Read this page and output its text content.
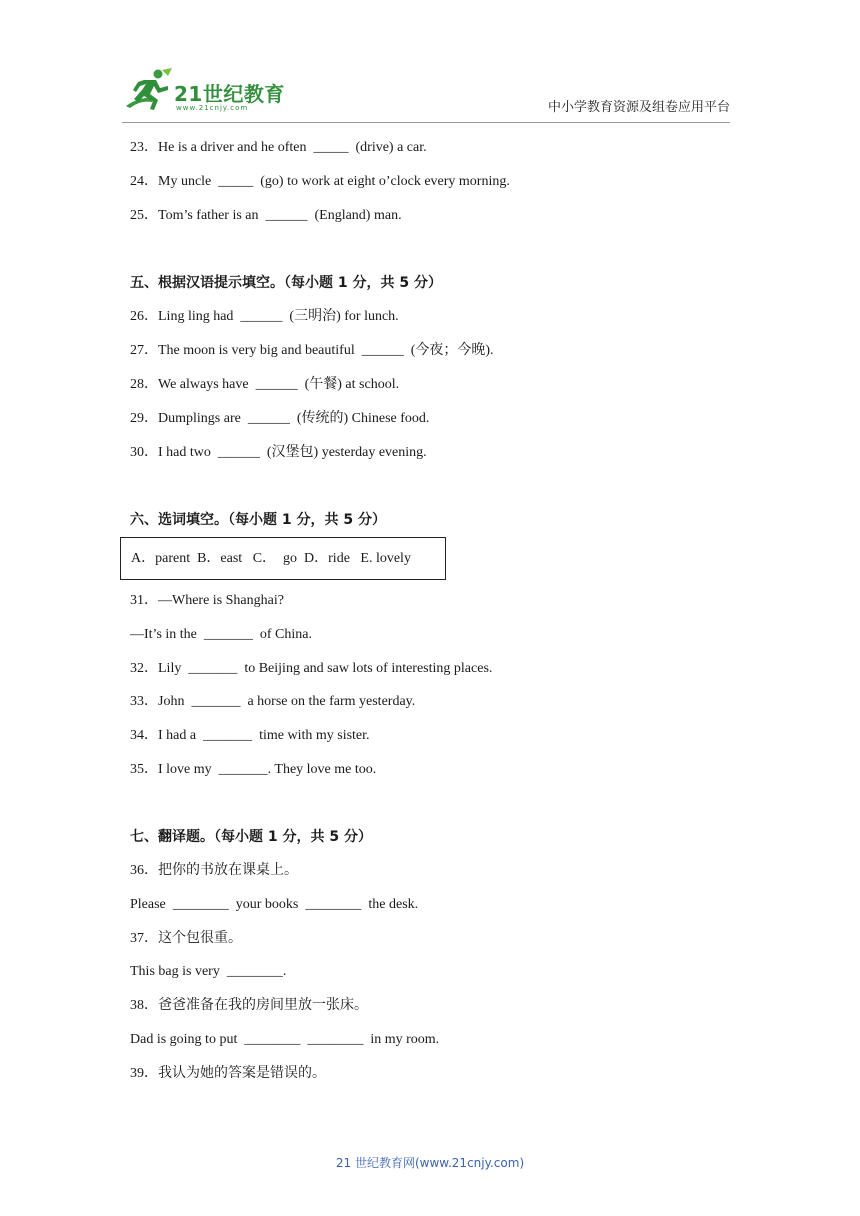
21世纪教育
www.21cnjy.com	中小学教育资源及组卷应用平台
23．He is a driver and he often  _____  (drive) a car.
24．My uncle  _____  (go) to work at eight o’clock every morning.
25．Tom’s father is an  ______  (England) man.
五、根据汉语提示填空。（每小题 1 分，共 5 分）
26．Ling ling had  ______  (三明治) for lunch.
27．The moon is very big and beautiful  ______  (今夜；今晚).
28．We always have  ______  (午餐) at school.
29．Dumplings are  ______  (传统的) Chinese food.
30．I had two  ______  (汉堡包) yesterday evening.
六、选词填空。（每小题 1 分，共 5 分）
A．parent  B．east   C．  go  D．ride   E. lovely
31．—Where is Shanghai?
—It’s in the  _______  of China.
32．Lily  _______  to Beijing and saw lots of interesting places.
33．John  _______  a horse on the farm yesterday.
34．I had a  _______  time with my sister.
35．I love my  _______. They love me too.
七、翻译题。（每小题 1 分，共 5 分）
36．把你的书放在课桌上。
Please  ________  your books  ________  the desk.
37．这个包很重。
This bag is very  ________.
38．爸爸准备在我的房间里放一张床。
Dad is going to put  ________  ________  in my room.
39．我认为她的答案是错误的。
21 世纪教育网(www.21cnjy.com)
